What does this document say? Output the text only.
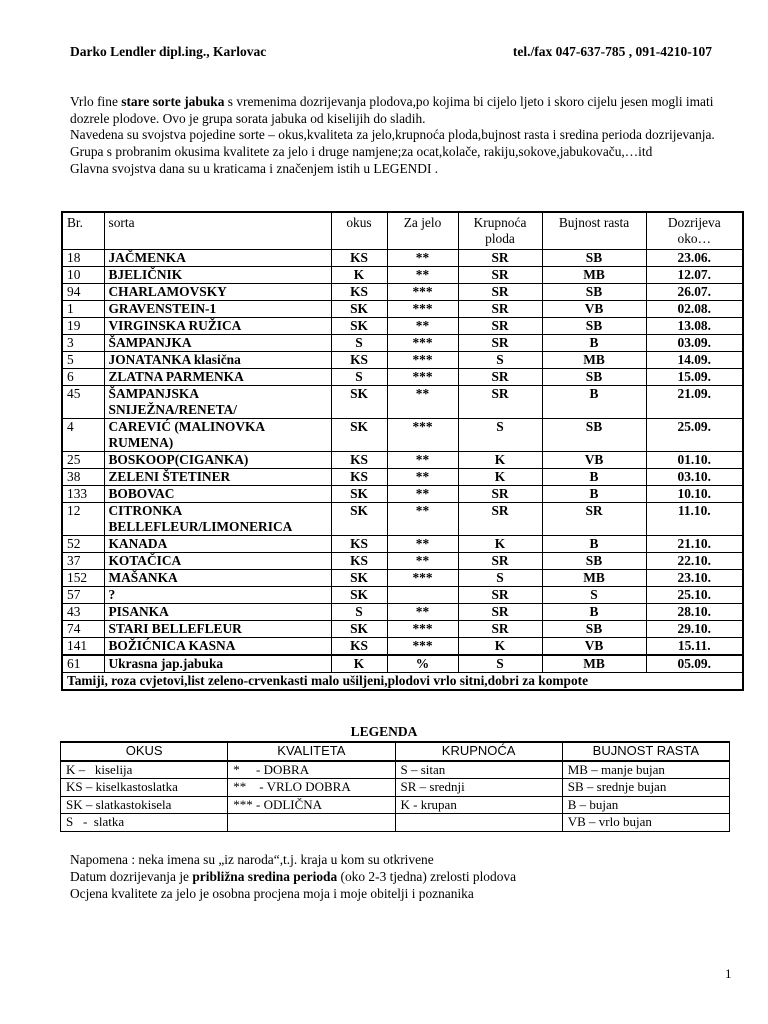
Darko Lendler dipl.ing., Karlovac	tel./fax 047-637-785 , 091-4210-107

Vrlo fine stare sorte jabuka s vremenima dozrijevanja plodova,po kojima bi cijelo ljeto i skoro cijelu jesen mogli imati dozrele plodove. Ovo je grupa sorata jabuka od kiselijih do sladih.

Navedena su svojstva pojedine sorte – okus,kvaliteta za jelo,krupnoća ploda,bujnost rasta i sredina perioda dozrijevanja. Grupa s probranim okusima kvalitete za jelo i druge namjene;za ocat,kolače, rakiju,sokove,jabukovaču,…itd

Glavna svojstva dana su u kraticama i značenjem istih u LEGENDI .

Br.	sorta	okus	Za jelo	Krupnoća ploda	Bujnost rasta	Dozrijeva oko…
18	JAČMENKA	KS	**	SR	SB	23.06.
10	BJELIČNIK	K	**	SR	MB	12.07.
94	CHARLAMOVSKY	KS	***	SR	SB	26.07.
1	GRAVENSTEIN-1	SK	***	SR	VB	02.08.
19	VIRGINSKA RUŽICA	SK	**	SR	SB	13.08.
3	ŠAMPANJKA	S	***	SR	B	03.09.
5	JONATANKA klasična	KS	***	S	MB	14.09.
6	ZLATNA PARMENKA	S	***	SR	SB	15.09.
45	ŠAMPANJSKA SNIJEŽNA/RENETA/	SK	**	SR	B	21.09.
4	CAREVIĆ (MALINOVKA RUMENA)	SK	***	S	SB	25.09.
25	BOSKOOP(CIGANKA)	KS	**	K	VB	01.10.
38	ZELENI ŠTETINER	KS	**	K	B	03.10.
133	BOBOVAC	SK	**	SR	B	10.10.
12	CITRONKA BELLEFLEUR/LIMONERICA	SK	**	SR	SR	11.10.
52	KANADA	KS	**	K	B	21.10.
37	KOTAČICA	KS	**	SR	SB	22.10.
152	MAŠANKA	SK	***	S	MB	23.10.
57	?	SK		SR	S	25.10.
43	PISANKA	S	**	SR	B	28.10.
74	STARI BELLEFLEUR	SK	***	SR	SB	29.10.
141	BOŽIĆNICA KASNA	KS	***	K	VB	15.11.
61	Ukrasna jap.jabuka	K	%	S	MB	05.09.
Tamiji, roza cvjetovi,list zeleno-crvenkasti malo ušiljeni,plodovi vrlo sitni,dobri za kompote						
LEGENDA
OKUS	KVALITETA	KRUPNOĆA	BUJNOST RASTA
K –   kiselija	*     - DOBRA	S – sitan	MB – manje bujan
KS – kiselkastoslatka	**    - VRLO DOBRA	SR – srednji	SB – srednje bujan
SK – slatkastokisela	*** - ODLIČNA	K - krupan	B – bujan
S   -  slatka			VB – vrlo bujan

Napomena : neka imena su „iz naroda“,t.j. kraja u kom su otkrivene

Datum dozrijevanja je približna sredina perioda (oko 2-3 tjedna) zrelosti plodova

Ocjena kvalitete za jelo je osobna procjena moja i moje obitelji i poznanika

1
